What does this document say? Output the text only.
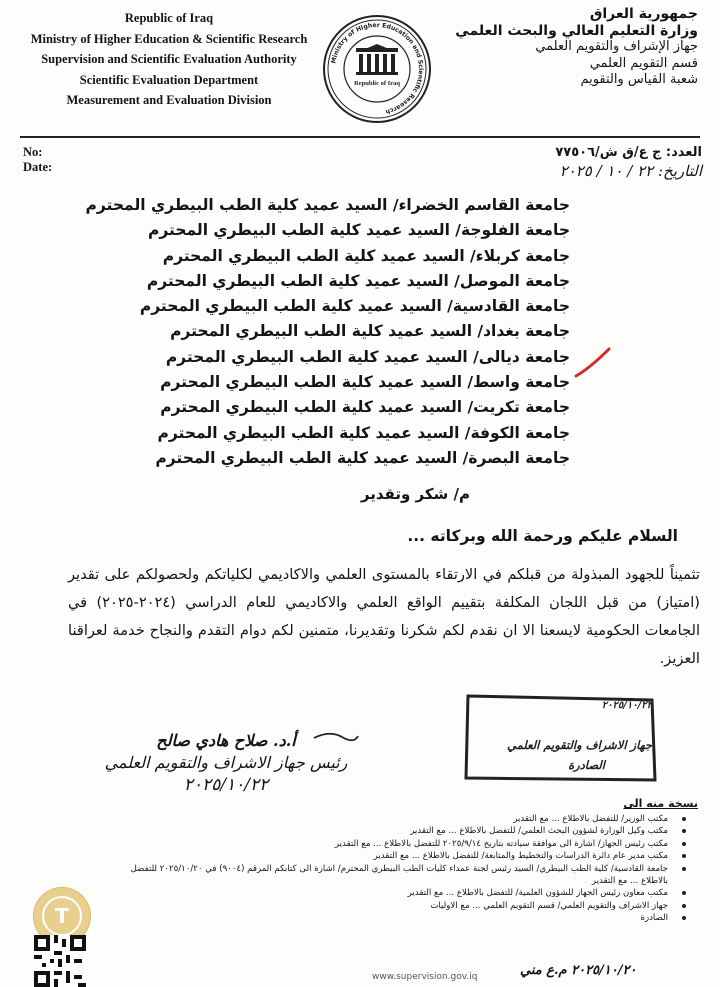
Republic of Iraq
Ministry of Higher Education & Scientific Research
Supervision and Scientific Evaluation Authority
Scientific Evaluation Department
Measurement and Evaluation Division
Ministry of Higher Education and Scientific Research
Republic of Iraq
جمهورية العراق
وزارة التعليم العالي والبحث العلمي
جهاز الإشراف والتقويم العلمي
قسم التقويم العلمي
شعبة القياس والتقويم
No:
Date:
العدد: ج ع/ق ش/٧٧٥٠٦
التاريخ: ٢٢ / ١٠ / ٢٠٢٥
جامعة القاسم الخضراء/ السيد عميد كلية الطب البيطري المحترم
جامعة الفلوجة/ السيد عميد كلية الطب البيطري المحترم
جامعة كربلاء/ السيد عميد كلية الطب البيطري المحترم
جامعة الموصل/ السيد عميد كلية الطب البيطري المحترم
جامعة القادسية/ السيد عميد كلية الطب البيطري المحترم
جامعة بغداد/ السيد عميد كلية الطب البيطري المحترم
جامعة ديالى/ السيد عميد كلية الطب البيطري المحترم
جامعة واسط/ السيد عميد كلية الطب البيطري المحترم
جامعة تكريت/ السيد عميد كلية الطب البيطري المحترم
جامعة الكوفة/ السيد عميد كلية الطب البيطري المحترم
جامعة البصرة/ السيد عميد كلية الطب البيطري المحترم
م/ شكر وتقدير
السلام عليكم ورحمة الله وبركاته ...
تثميناً للجهود المبذولة من قبلكم في الارتقاء بالمستوى العلمي والاكاديمي لكلياتكم ولحصولكم على تقدير (امتياز) من قبل اللجان المكلفة بتقييم الواقع العلمي والاكاديمي للعام الدراسي (٢٠٢٤-٢٠٢٥) في الجامعات الحكومية لايسعنا الا ان نقدم لكم شكرنا وتقديرنا، متمنين لكم دوام التقدم والنجاح خدمة لعراقنا العزيز.
٢٠٢٥/١٠/٢٢
جهاز الاشراف والتقويم العلمي
الصادرة
أ.د. صلاح هادي صالح
رئيس جهاز الاشراف والتقويم العلمي
٢٠٢٥/١٠/٢٢
نسخة منه الى
مكتب الوزير/ للتفضل بالاطلاع ... مع التقدير
مكتب وكيل الوزارة لشؤون البحث العلمي/ للتفضل بالاطلاع ... مع التقدير
مكتب رئيس الجهاز/ اشارة الى موافقة سيادته بتاريخ ٢٠٢٥/٩/١٤ للتفضل بالاطلاع ... مع التقدير
مكتب مدير عام دائرة الدراسات والتخطيط والمتابعة/ للتفضل بالاطلاع ... مع التقدير
جامعة القادسية/ كلية الطب البيطري/ السيد رئيس لجنة عمداء كليات الطب البيطري المحترم/ اشارة الى كتابكم المرقم (٩٠٠٤) في ٢٠٢٥/١٠/٢٠ للتفضل بالاطلاع ... مع التقدير
مكتب معاون رئيس الجهاز للشؤون العلمية/ للتفضل بالاطلاع ... مع التقدير
جهاز الاشراف والتقويم العلمي/ قسم التقويم العلمي ... مع الاوليات
الصادرة
www.supervision.gov.iq	٢٠٢٥/١٠/٢٠ م.ع مني
T
